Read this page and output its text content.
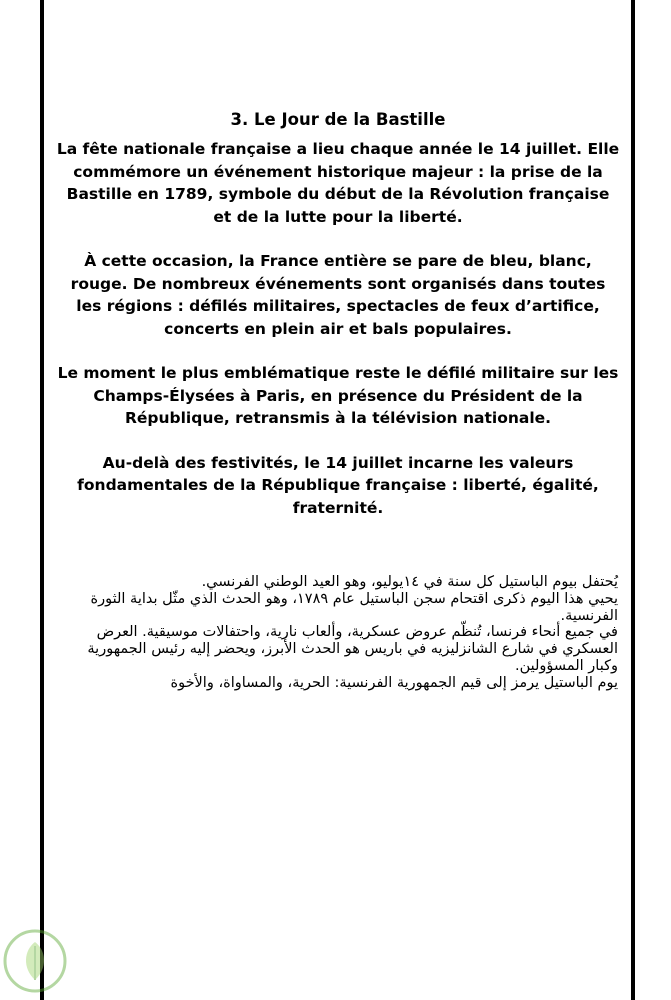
3. Le Jour de la Bastille

La fête nationale française a lieu chaque année le 14 juillet. Elle commémore un événement historique majeur : la prise de la Bastille en 1789, symbole du début de la Révolution française et de la lutte pour la liberté.

À cette occasion, la France entière se pare de bleu, blanc, rouge. De nombreux événements sont organisés dans toutes les régions : défilés militaires, spectacles de feux d’artifice, concerts en plein air et bals populaires.

Le moment le plus emblématique reste le défilé militaire sur les Champs-Élysées à Paris, en présence du Président de la République, retransmis à la télévision nationale.

Au-delà des festivités, le 14 juillet incarne les valeurs fondamentales de la République française : liberté, égalité, fraternité.

يُحتفل بيوم الباستيل كل سنة في ١٤يوليو، وهو العيد الوطني الفرنسي.

يحيي هذا اليوم ذكرى اقتحام سجن الباستيل عام ١٧٨٩، وهو الحدث الذي مثّل بداية الثورة الفرنسية.

في جميع أنحاء فرنسا، تُنظّم عروض عسكرية، وألعاب نارية، واحتفالات موسيقية. العرض العسكري في شارع الشانزليزيه في باريس هو الحدث الأبرز، ويحضر إليه رئيس الجمهورية وكبار المسؤولين.

يوم الباستيل يرمز إلى قيم الجمهورية الفرنسية: الحرية، والمساواة، والأخوة
